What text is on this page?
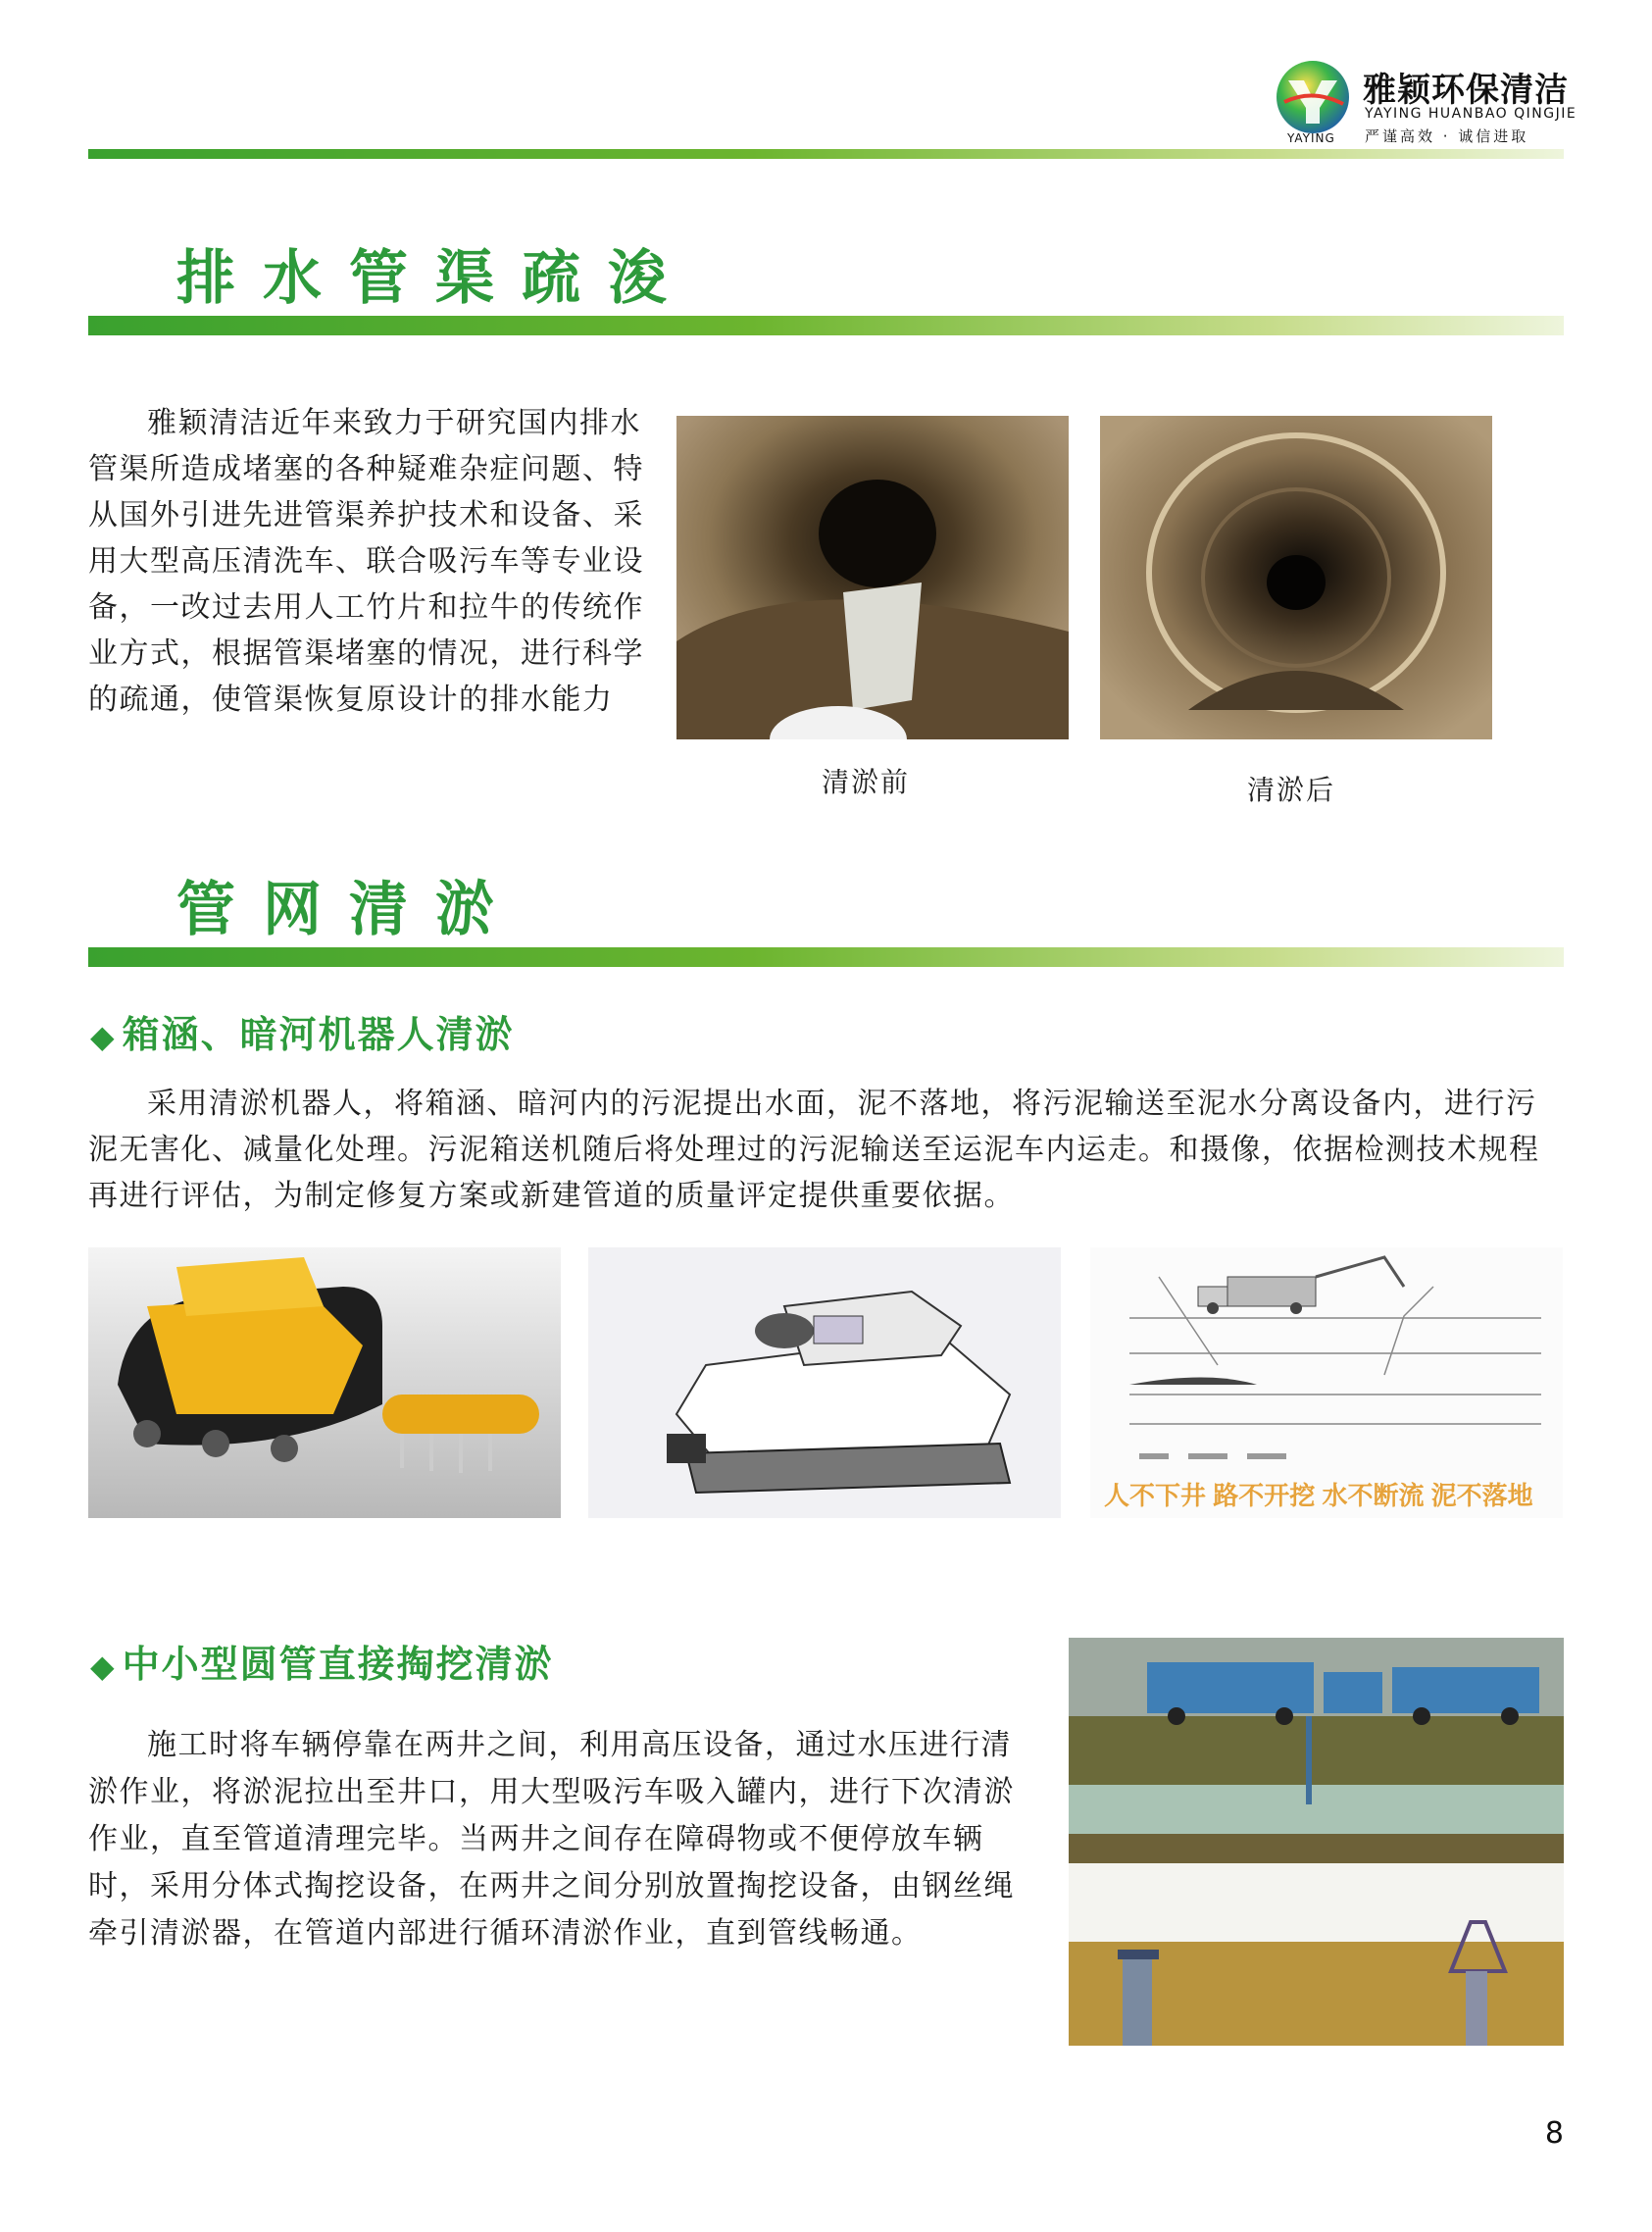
雅颖环保清洁
YAYING HUANBAO QINGJIE
YAYING 严谨高效 · 诚信进取
排水管渠疏浚
雅颖清洁近年来致力于研究国内排水管渠所造成堵塞的各种疑难杂症问题、特从国外引进先进管渠养护技术和设备、采用大型高压清洗车、联合吸污车等专业设备，一改过去用人工竹片和拉牛的传统作业方式，根据管渠堵塞的情况，进行科学的疏通，使管渠恢复原设计的排水能力
清淤前	清淤后
管网清淤
◆ 箱涵、暗河机器人清淤
采用清淤机器人，将箱涵、暗河内的污泥提出水面，泥不落地，将污泥输送至泥水分离设备内，进行污泥无害化、减量化处理。污泥箱送机随后将处理过的污泥输送至运泥车内运走。和摄像，依据检测技术规程再进行评估，为制定修复方案或新建管道的质量评定提供重要依据。
人不下井 路不开挖 水不断流 泥不落地
◆ 中小型圆管直接掏挖清淤
施工时将车辆停靠在两井之间，利用高压设备，通过水压进行清淤作业，将淤泥拉出至井口，用大型吸污车吸入罐内，进行下次清淤作业，直至管道清理完毕。当两井之间存在障碍物或不便停放车辆时，采用分体式掏挖设备，在两井之间分别放置掏挖设备，由钢丝绳牵引清淤器，在管道内部进行循环清淤作业，直到管线畅通。
8
